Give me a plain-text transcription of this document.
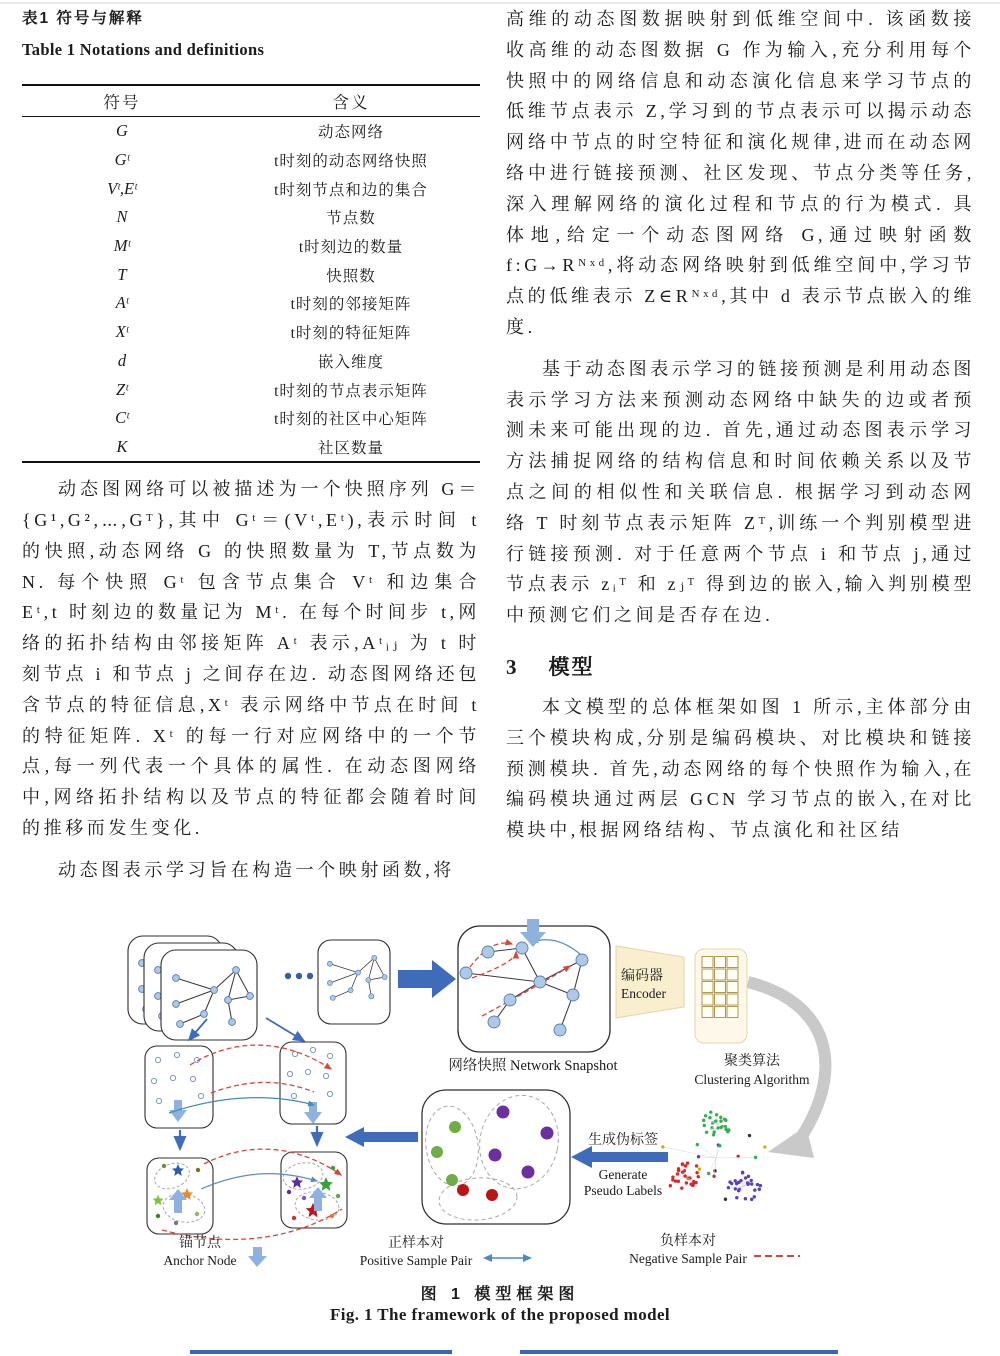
表1 符号与解释
Table 1 Notations and definitions
符号	含义
G	动态网络
Gᵗ	t时刻的动态网络快照
Vᵗ,Eᵗ	t时刻节点和边的集合
N	节点数
Mᵗ	t时刻边的数量
T	快照数
Aᵗ	t时刻的邻接矩阵
Xᵗ	t时刻的特征矩阵
d	嵌入维度
Zᵗ	t时刻的节点表示矩阵
Cᵗ	t时刻的社区中心矩阵
K	社区数量

动态图网络可以被描述为一个快照序列 G＝{G¹,G²,⋯,Gᵀ},其中 Gᵗ＝(Vᵗ,Eᵗ),表示时间 t 的快照,动态网络 G 的快照数量为 T,节点数为 N. 每个快照 Gᵗ 包含节点集合 Vᵗ 和边集合 Eᵗ,t 时刻边的数量记为 Mᵗ. 在每个时间步 t,网络的拓扑结构由邻接矩阵 Aᵗ 表示,Aᵗᵢⱼ 为 t 时刻节点 i 和节点 j 之间存在边. 动态图网络还包含节点的特征信息,Xᵗ 表示网络中节点在时间 t 的特征矩阵. Xᵗ 的每一行对应网络中的一个节点,每一列代表一个具体的属性. 在动态图网络中,网络拓扑结构以及节点的特征都会随着时间的推移而发生变化.

动态图表示学习旨在构造一个映射函数,将

高维的动态图数据映射到低维空间中. 该函数接收高维的动态图数据 G 作为输入,充分利用每个快照中的网络信息和动态演化信息来学习节点的低维节点表示 Z,学习到的节点表示可以揭示动态网络中节点的时空特征和演化规律,进而在动态网络中进行链接预测、社区发现、节点分类等任务,深入理解网络的演化过程和节点的行为模式. 具体地,给定一个动态图网络 G,通过映射函数 f:G→Rᴺˣᵈ,将动态网络映射到低维空间中,学习节点的低维表示 Z∈Rᴺˣᵈ,其中 d 表示节点嵌入的维度.

基于动态图表示学习的链接预测是利用动态图表示学习方法来预测动态网络中缺失的边或者预测未来可能出现的边. 首先,通过动态图表示学习方法捕捉网络的结构信息和时间依赖关系以及节点之间的相似性和关联信息. 根据学习到动态网络 T 时刻节点表示矩阵 Zᵀ,训练一个判别模型进行链接预测. 对于任意两个节点 i 和节点 j,通过节点表示 zᵢᵀ 和 zⱼᵀ 得到边的嵌入,输入判别模型中预测它们之间是否存在边.

3 模型

本文模型的总体框架如图 1 所示,主体部分由三个模块构成,分别是编码模块、对比模块和链接预测模块. 首先,动态网络的每个快照作为输入,在编码模块通过两层 GCN 学习节点的嵌入,在对比模块中,根据网络结构、节点演化和社区结

网络快照 Network Snapshot
编码器
Encoder
聚类算法
Clustering Algorithm
生成伪标签
Generate
Pseudo Labels
锚节点
Anchor Node
正样本对
Positive Sample Pair
负样本对
Negative Sample Pair
图 1 模型框架图
Fig. 1 The framework of the proposed model
